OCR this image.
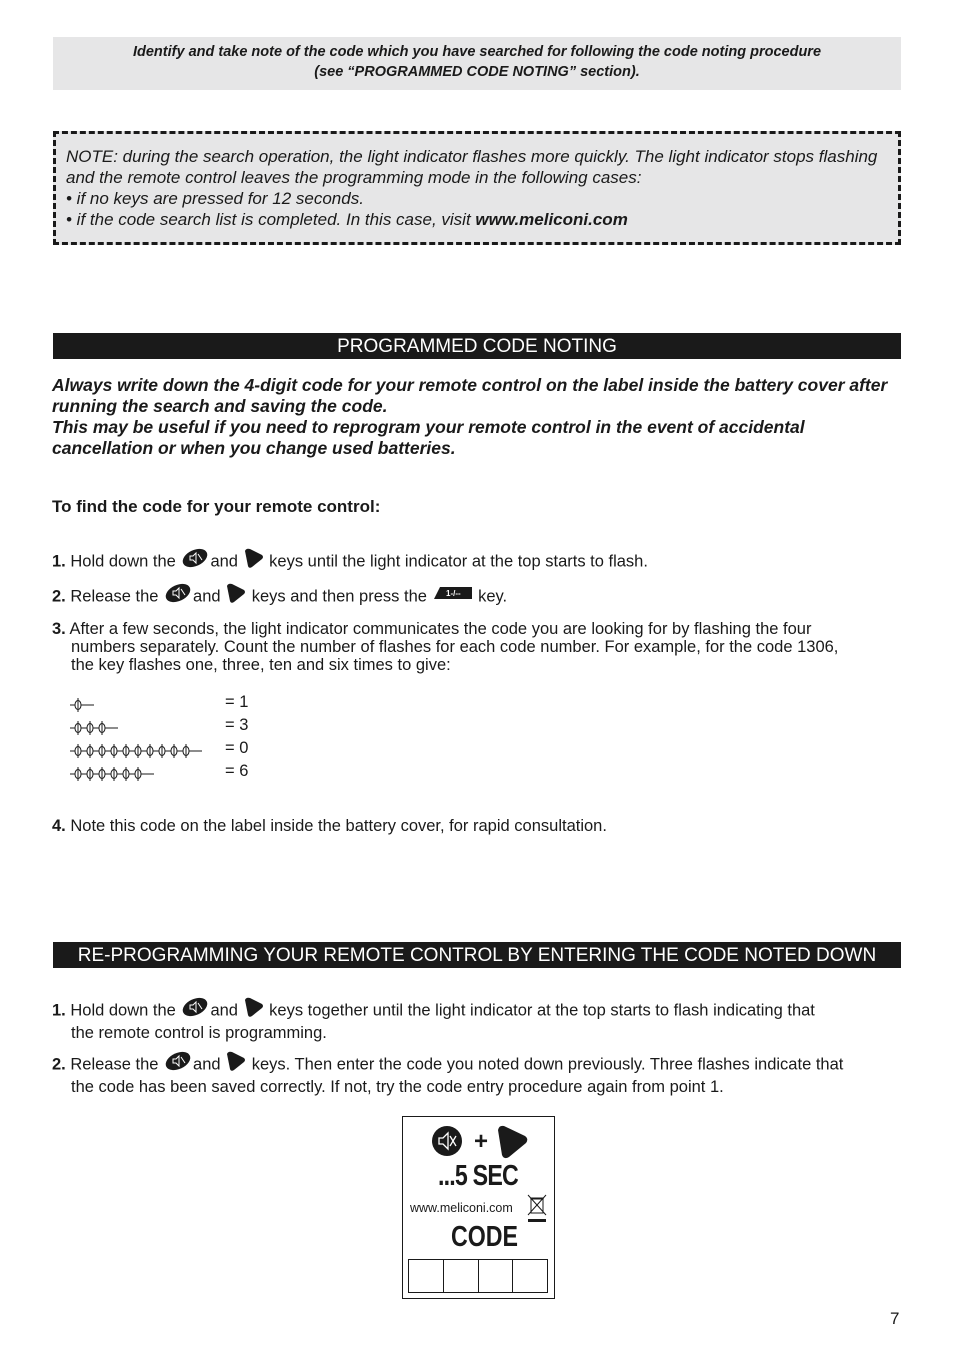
Identify and take note of the code which you have searched for following the code noting procedure
(see “PROGRAMMED CODE NOTING” section).
NOTE: during the search operation, the light indicator flashes more quickly. The light indicator stops flashing and the remote control leaves the programming mode in the following cases:
• if no keys are pressed for 12 seconds.
• if the code search list is completed. In this case, visit www.meliconi.com
PROGRAMMED CODE NOTING
Always write down the 4-digit code for your remote control on the label inside the battery cover after running the search and saving the code.
This may be useful if you need to reprogram your remote control in the event of accidental cancellation or when you change used batteries.
To find the code for your remote control:
1. Hold down the and  keys until the light indicator at the top starts to flash.
2. Release the and  keys and then press the 1-/-- key.
3. After a few seconds, the light indicator communicates the code you are looking for by flashing the four
numbers separately. Count the number of flashes for each code number. For example, for the code 1306,
the key flashes one, three, ten and six times to give:
= 1
= 3
= 0
= 6
4. Note this code on the label inside the battery cover, for rapid consultation.
RE-PROGRAMMING YOUR REMOTE CONTROL BY ENTERING THE CODE NOTED DOWN
1. Hold down the and  keys together until the light indicator at the top starts to flash indicating that
the remote control is programming.
2. Release the and  keys. Then enter the code you noted down previously. Three flashes indicate that
the code has been saved correctly. If not, try the code entry procedure again from point 1.
+
...5 SEC
www.meliconi.com
CODE
7
